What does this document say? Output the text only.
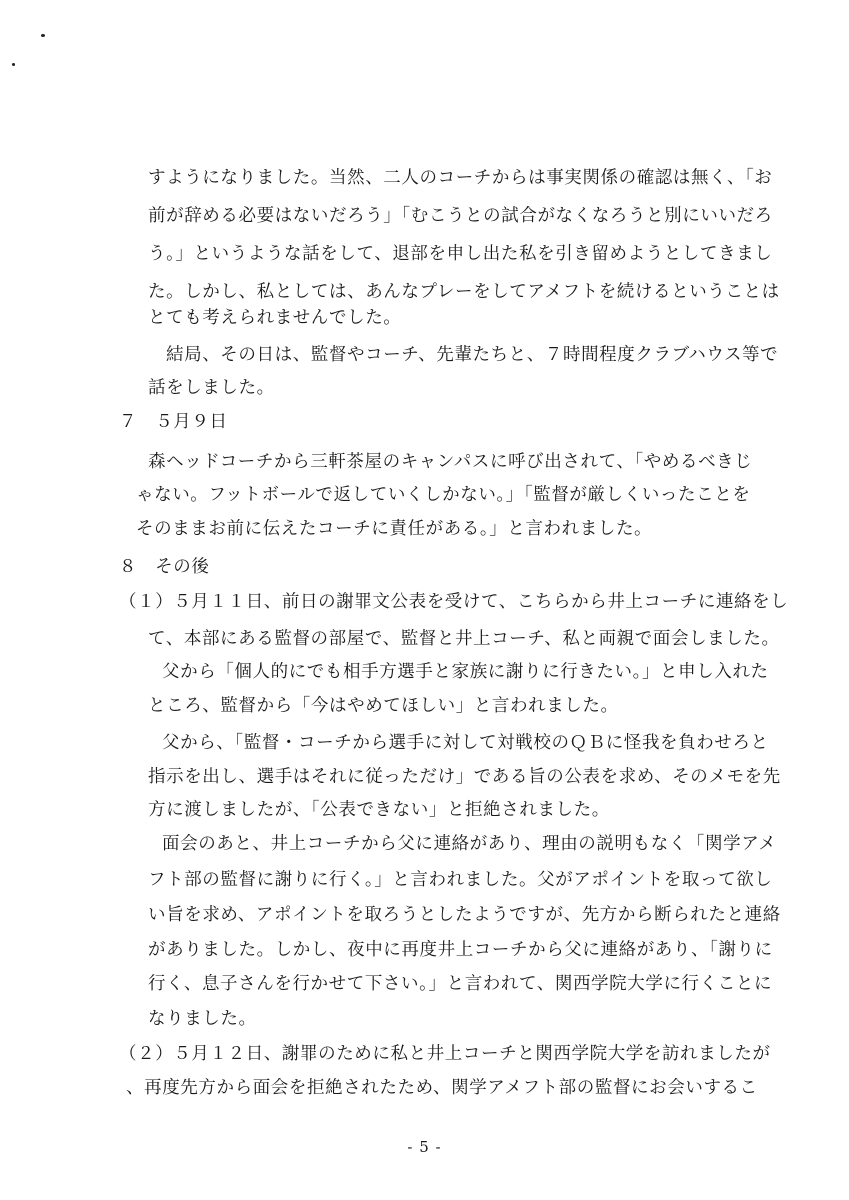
すようになりました。当然、二人のコーチからは事実関係の確認は無く、「お
前が辞める必要はないだろう」「むこうとの試合がなくなろうと別にいいだろ
う。」というような話をして、退部を申し出た私を引き留めようとしてきまし
た。しかし、私としては、あんなプレーをしてアメフトを続けるということは
とても考えられませんでした。
結局、その日は、監督やコーチ、先輩たちと、７時間程度クラブハウス等で
話をしました。
７　５月９日
森ヘッドコーチから三軒茶屋のキャンパスに呼び出されて、「やめるべきじ
ゃない。フットボールで返していくしかない。」「監督が厳しくいったことを
そのままお前に伝えたコーチに責任がある。」と言われました。
８　その後
（１）５月１１日、前日の謝罪文公表を受けて、こちらから井上コーチに連絡をし
て、本部にある監督の部屋で、監督と井上コーチ、私と両親で面会しました。
父から「個人的にでも相手方選手と家族に謝りに行きたい。」と申し入れた
ところ、監督から「今はやめてほしい」と言われました。
父から、「監督・コーチから選手に対して対戦校のＱＢに怪我を負わせろと
指示を出し、選手はそれに従っただけ」である旨の公表を求め、そのメモを先
方に渡しましたが、「公表できない」と拒絶されました。
面会のあと、井上コーチから父に連絡があり、理由の説明もなく「関学アメ
フト部の監督に謝りに行く。」と言われました。父がアポイントを取って欲し
い旨を求め、アポイントを取ろうとしたようですが、先方から断られたと連絡
がありました。しかし、夜中に再度井上コーチから父に連絡があり、「謝りに
行く、息子さんを行かせて下さい。」と言われて、関西学院大学に行くことに
なりました。
（２）５月１２日、謝罪のために私と井上コーチと関西学院大学を訪れましたが
、再度先方から面会を拒絶されたため、関学アメフト部の監督にお会いするこ
- 5 -
